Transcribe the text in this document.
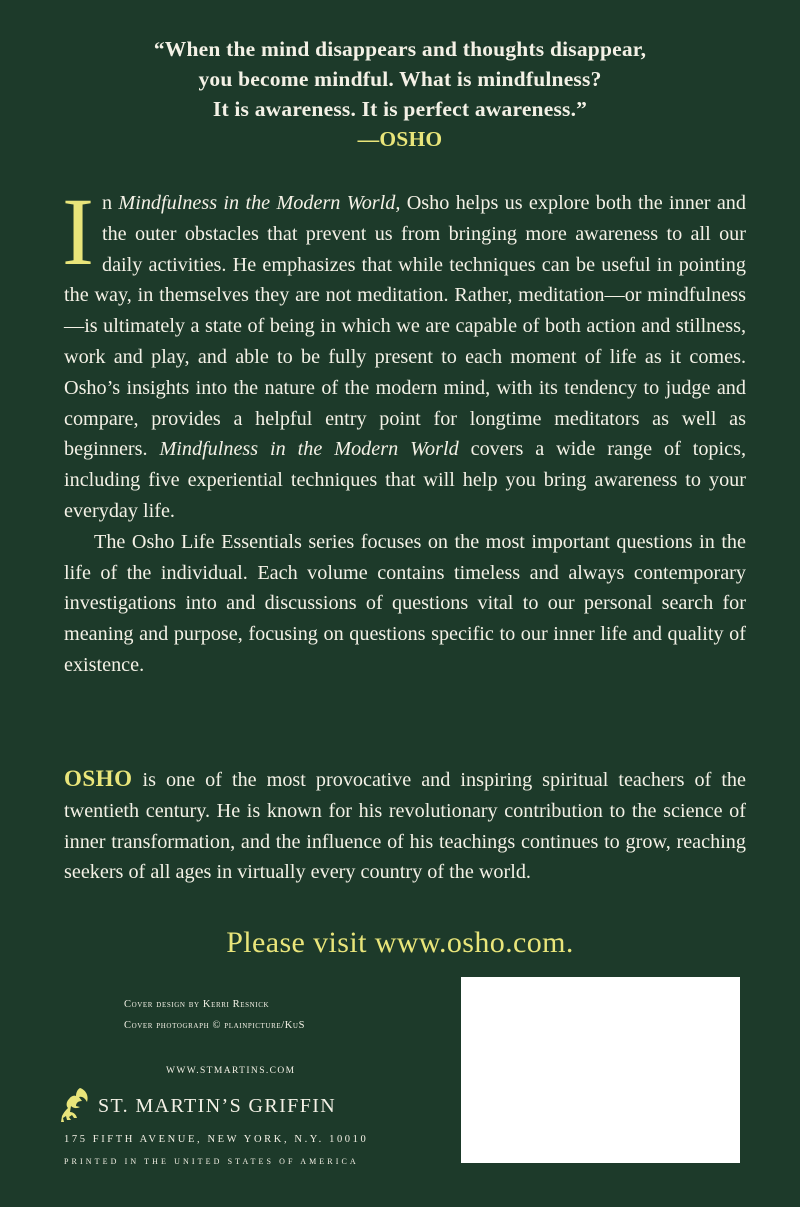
“When the mind disappears and thoughts disappear,
you become mindful. What is mindfulness?
It is awareness. It is perfect awareness.”
—OSHO

In Mindfulness in the Modern World, Osho helps us explore both the inner and the outer obstacles that prevent us from bringing more awareness to all our daily activities. He emphasizes that while techniques can be useful in pointing the way, in themselves they are not meditation. Rather, meditation—or mindfulness—is ultimately a state of being in which we are capable of both action and stillness, work and play, and able to be fully present to each moment of life as it comes. Osho’s insights into the nature of the modern mind, with its tendency to judge and compare, provides a helpful entry point for longtime meditators as well as beginners. Mindfulness in the Modern World covers a wide range of topics, including five experiential techniques that will help you bring awareness to your everyday life.

The Osho Life Essentials series focuses on the most important questions in the life of the individual. Each volume contains timeless and always contemporary investigations into and discussions of questions vital to our personal search for meaning and purpose, focusing on questions specific to our inner life and quality of existence.

OSHO is one of the most provocative and inspiring spiritual teachers of the twentieth century. He is known for his revolutionary contribution to the science of inner transformation, and the influence of his teachings continues to grow, reaching seekers of all ages in virtually every country of the world.

Please visit www.osho.com.
Cover design by Kerri Resnick
Cover photograph © plainpicture/KuS
WWW.STMARTINS.COM
ST. MARTIN’S GRIFFIN
175 FIFTH AVENUE, NEW YORK, N.Y. 10010
PRINTED IN THE UNITED STATES OF AMERICA
